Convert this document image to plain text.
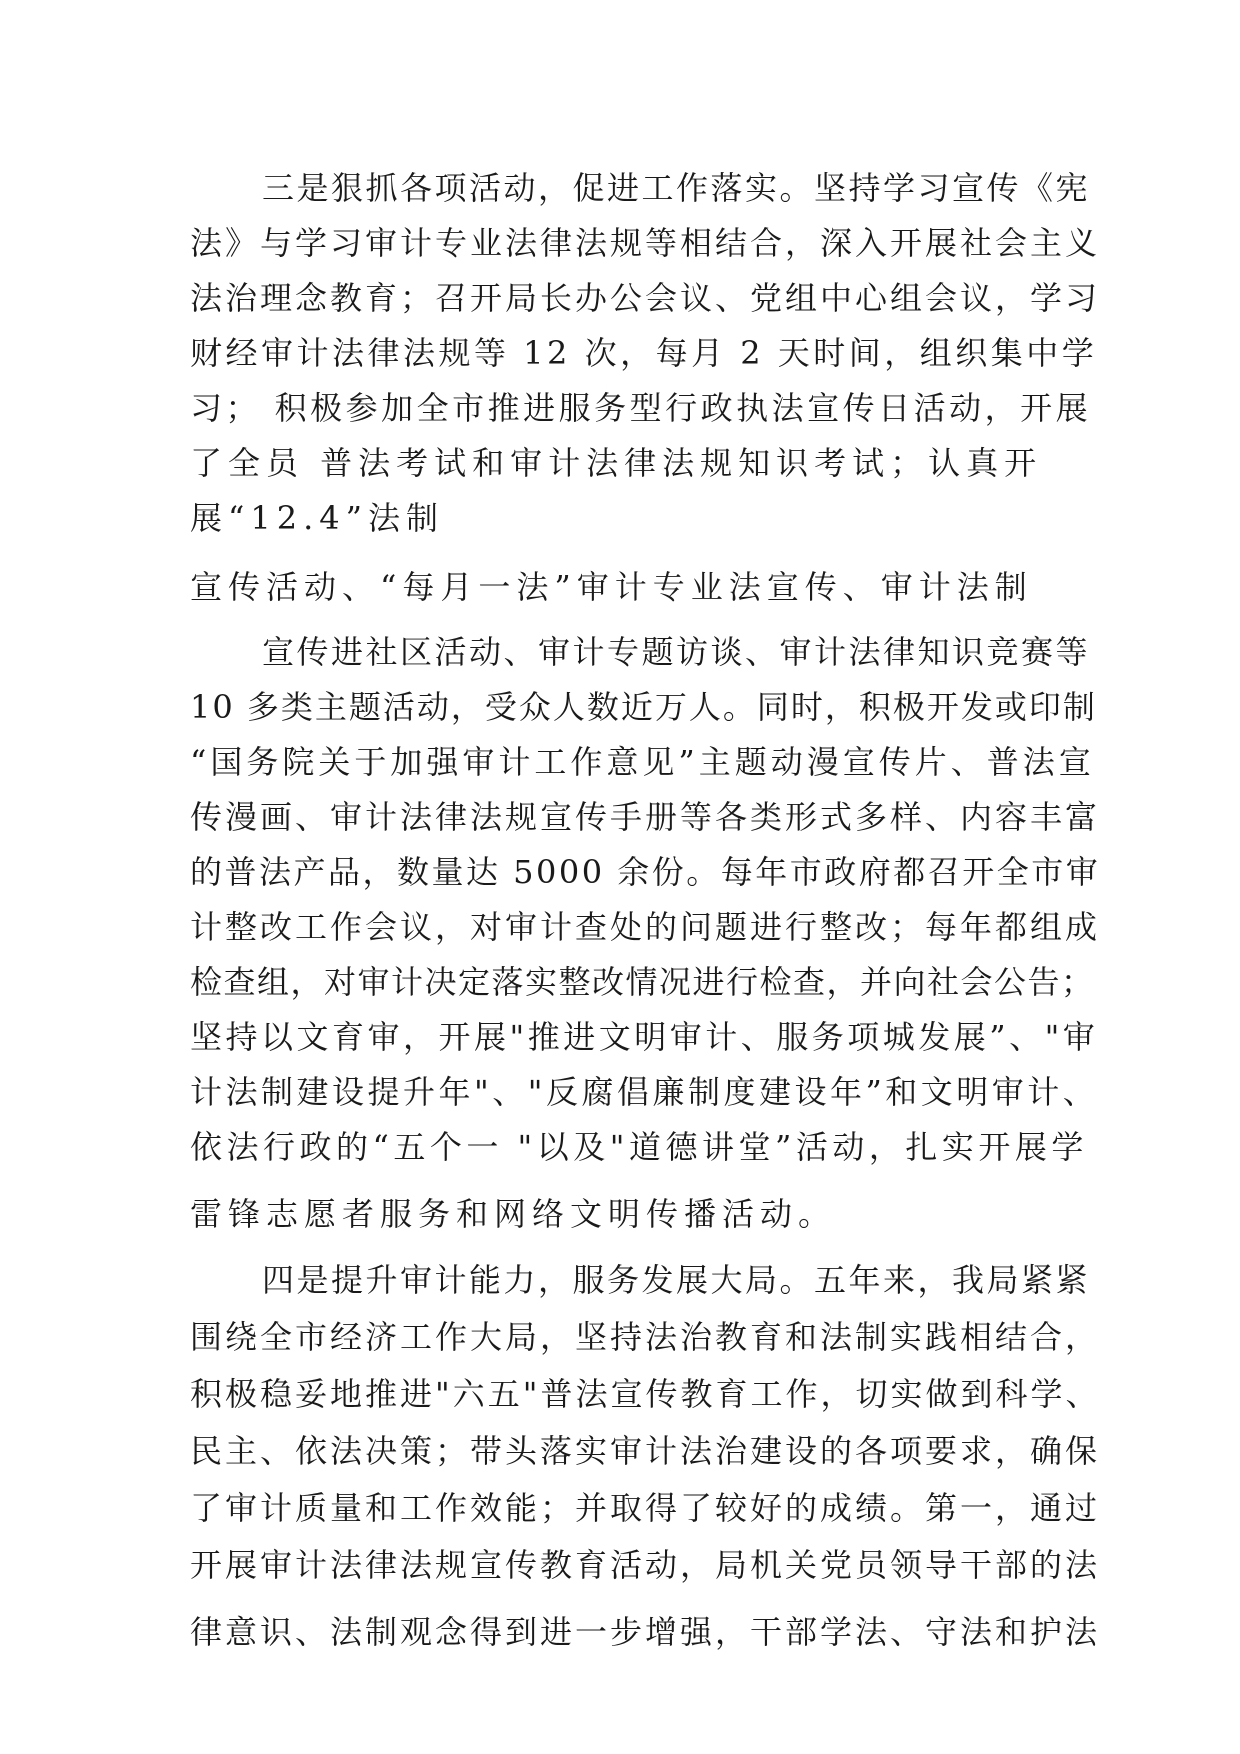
三是狠抓各项活动，促进工作落实。坚持学习宣传《宪
法》与学习审计专业法律法规等相结合，深入开展社会主义
法治理念教育；召开局长办公会议、党组中心组会议，学习
财经审计法律法规等 12 次，每月 2 天时间，组织集中学
习； 积极参加全市推进服务型行政执法宣传日活动，开展
了全员 普法考试和审计法律法规知识考试；认真开
展“12.4”法制
宣传活动、“每月一法”审计专业法宣传、审计法制
宣传进社区活动、审计专题访谈、审计法律知识竞赛等
10 多类主题活动，受众人数近万人。同时，积极开发或印制
“国务院关于加强审计工作意见”主题动漫宣传片、普法宣
传漫画、审计法律法规宣传手册等各类形式多样、内容丰富
的普法产品，数量达 5000 余份。每年市政府都召开全市审
计整改工作会议，对审计查处的问题进行整改；每年都组成
检查组，对审计决定落实整改情况进行检查，并向社会公告；
坚持以文育审，开展"推进文明审计、服务项城发展”、"审
计法制建设提升年"、"反腐倡廉制度建设年”和文明审计、
依法行政的“五个一 "以及"道德讲堂”活动，扎实开展学
雷锋志愿者服务和网络文明传播活动。
四是提升审计能力，服务发展大局。五年来，我局紧紧
围绕全市经济工作大局，坚持法治教育和法制实践相结合，
积极稳妥地推进"六五"普法宣传教育工作，切实做到科学、
民主、依法决策；带头落实审计法治建设的各项要求，确保
了审计质量和工作效能；并取得了较好的成绩。第一，通过
开展审计法律法规宣传教育活动，局机关党员领导干部的法
律意识、法制观念得到进一步增强，干部学法、守法和护法
